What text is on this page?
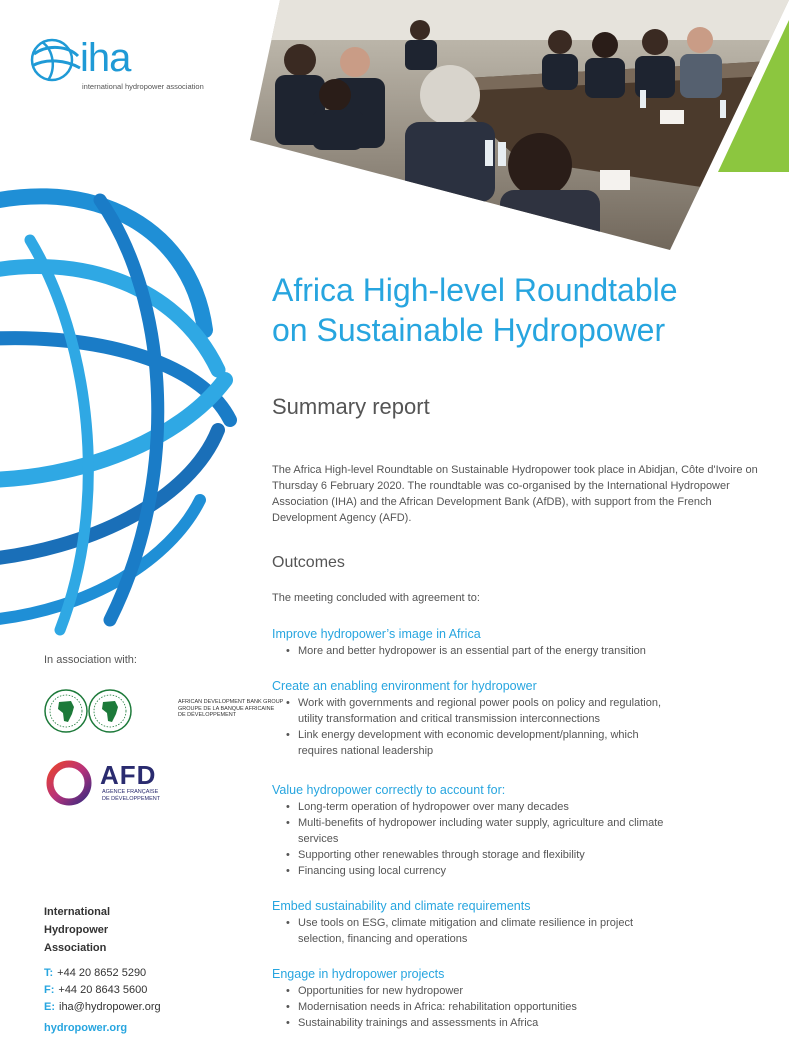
iha
international hydropower association
Africa High-level Roundtable
on Sustainable Hydropower
Summary report

The Africa High-level Roundtable on Sustainable Hydropower took place in Abidjan, Côte d'Ivoire on Thursday 6 February 2020. The roundtable was co-organised by the International Hydropower Association (IHA) and the African Development Bank (AfDB), with support from the French Development Agency (AFD).

Outcomes

The meeting concluded with agreement to:

Improve hydropower’s image in Africa
• More and better hydropower is an essential part of the energy transition
Create an enabling environment for hydropower
• Work with governments and regional power pools on policy and regulation, utility transformation and critical transmission interconnections
• Link energy development with economic development/planning, which requires national leadership
Value hydropower correctly to account for:
• Long-term operation of hydropower over many decades
• Multi-benefits of hydropower including water supply, agriculture and climate services
• Supporting other renewables through storage and flexibility
• Financing using local currency
Embed sustainability and climate requirements
• Use tools on ESG, climate mitigation and climate resilience in project selection, financing and operations
Engage in hydropower projects
• Opportunities for new hydropower
• Modernisation needs in Africa: rehabilitation opportunities
• Sustainability trainings and assessments in Africa

In association with:

AFRICAN DEVELOPMENT BANK GROUP
GROUPE DE LA BANQUE AFRICAINE
DE DÉVELOPPEMENT
AFD
AGENCE FRANÇAISE
DE DÉVELOPPEMENT

International
Hydropower
Association

T: +44 20 8652 5290

F: +44 20 8643 5600

E: iha@hydropower.org

hydropower.org
